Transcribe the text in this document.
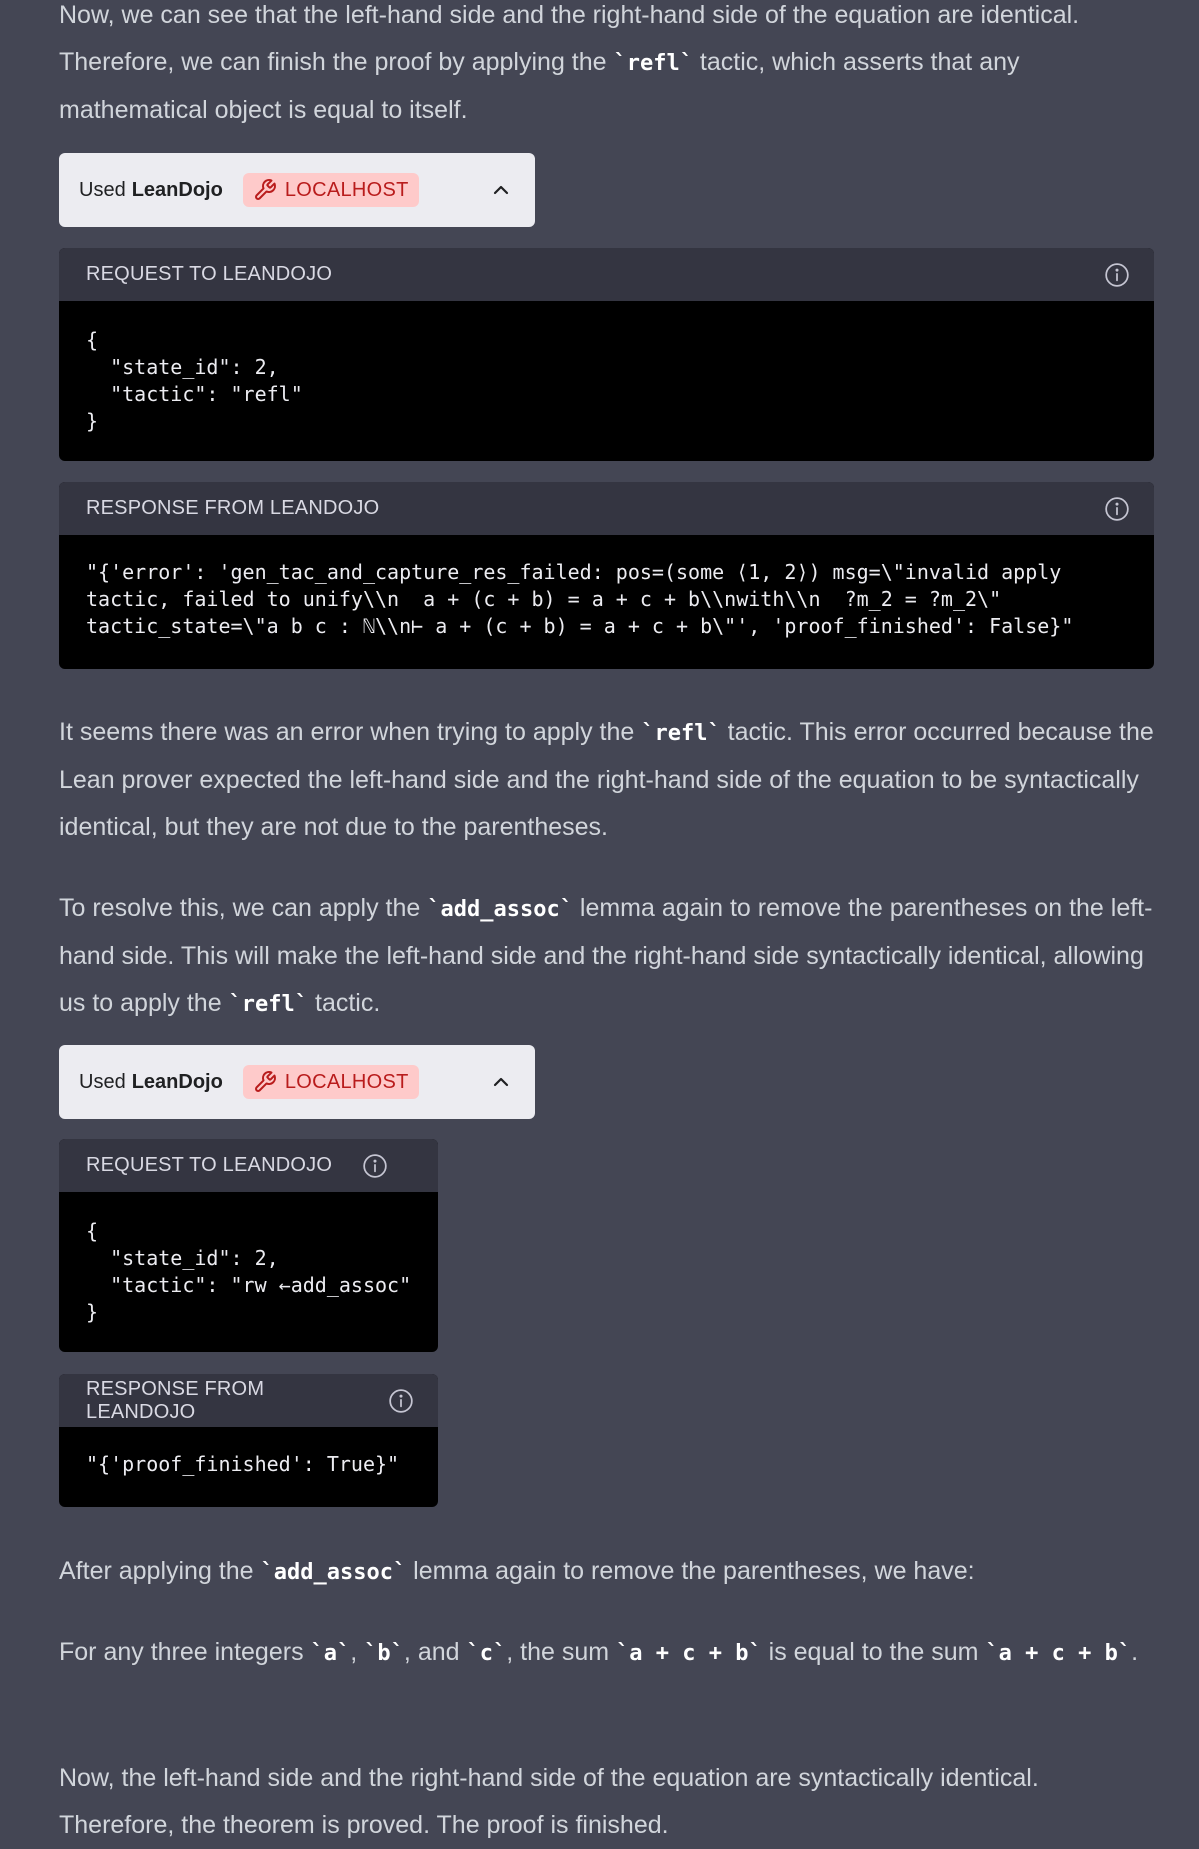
Now, we can see that the left-hand side and the right-hand side of the equation are identical. Therefore, we can finish the proof by applying the `refl` tactic, which asserts that any mathematical object is equal to itself.

Used LeanDojo	LOCALHOST
REQUEST TO LEANDOJO
{
"state_id": 2,
"tactic": "refl"
}
RESPONSE FROM LEANDOJO
"{'error': 'gen_tac_and_capture_res_failed: pos=(some ⟨1, 2⟩) msg=\"invalid apply
tactic, failed to unify\\n  a + (c + b) = a + c + b\\nwith\\n  ?m_2 = ?m_2\"
tactic_state=\"a b c : ℕ\\n⊢ a + (c + b) = a + c + b\"', 'proof_finished': False}"

It seems there was an error when trying to apply the `refl` tactic. This error occurred because the Lean prover expected the left-hand side and the right-hand side of the equation to be syntactically identical, but they are not due to the parentheses.

To resolve this, we can apply the `add_assoc` lemma again to remove the parentheses on the left-hand side. This will make the left-hand side and the right-hand side syntactically identical, allowing us to apply the `refl` tactic.

Used LeanDojo	LOCALHOST
REQUEST TO LEANDOJO
{
"state_id": 2,
"tactic": "rw ←add_assoc"
}
RESPONSE FROM LEANDOJO
"{'proof_finished': True}"

After applying the `add_assoc` lemma again to remove the parentheses, we have:

For any three integers `a`, `b`, and `c`, the sum `a + c + b` is equal to the sum `a + c + b`.

Now, the left-hand side and the right-hand side of the equation are syntactically identical. Therefore, the theorem is proved. The proof is finished.
